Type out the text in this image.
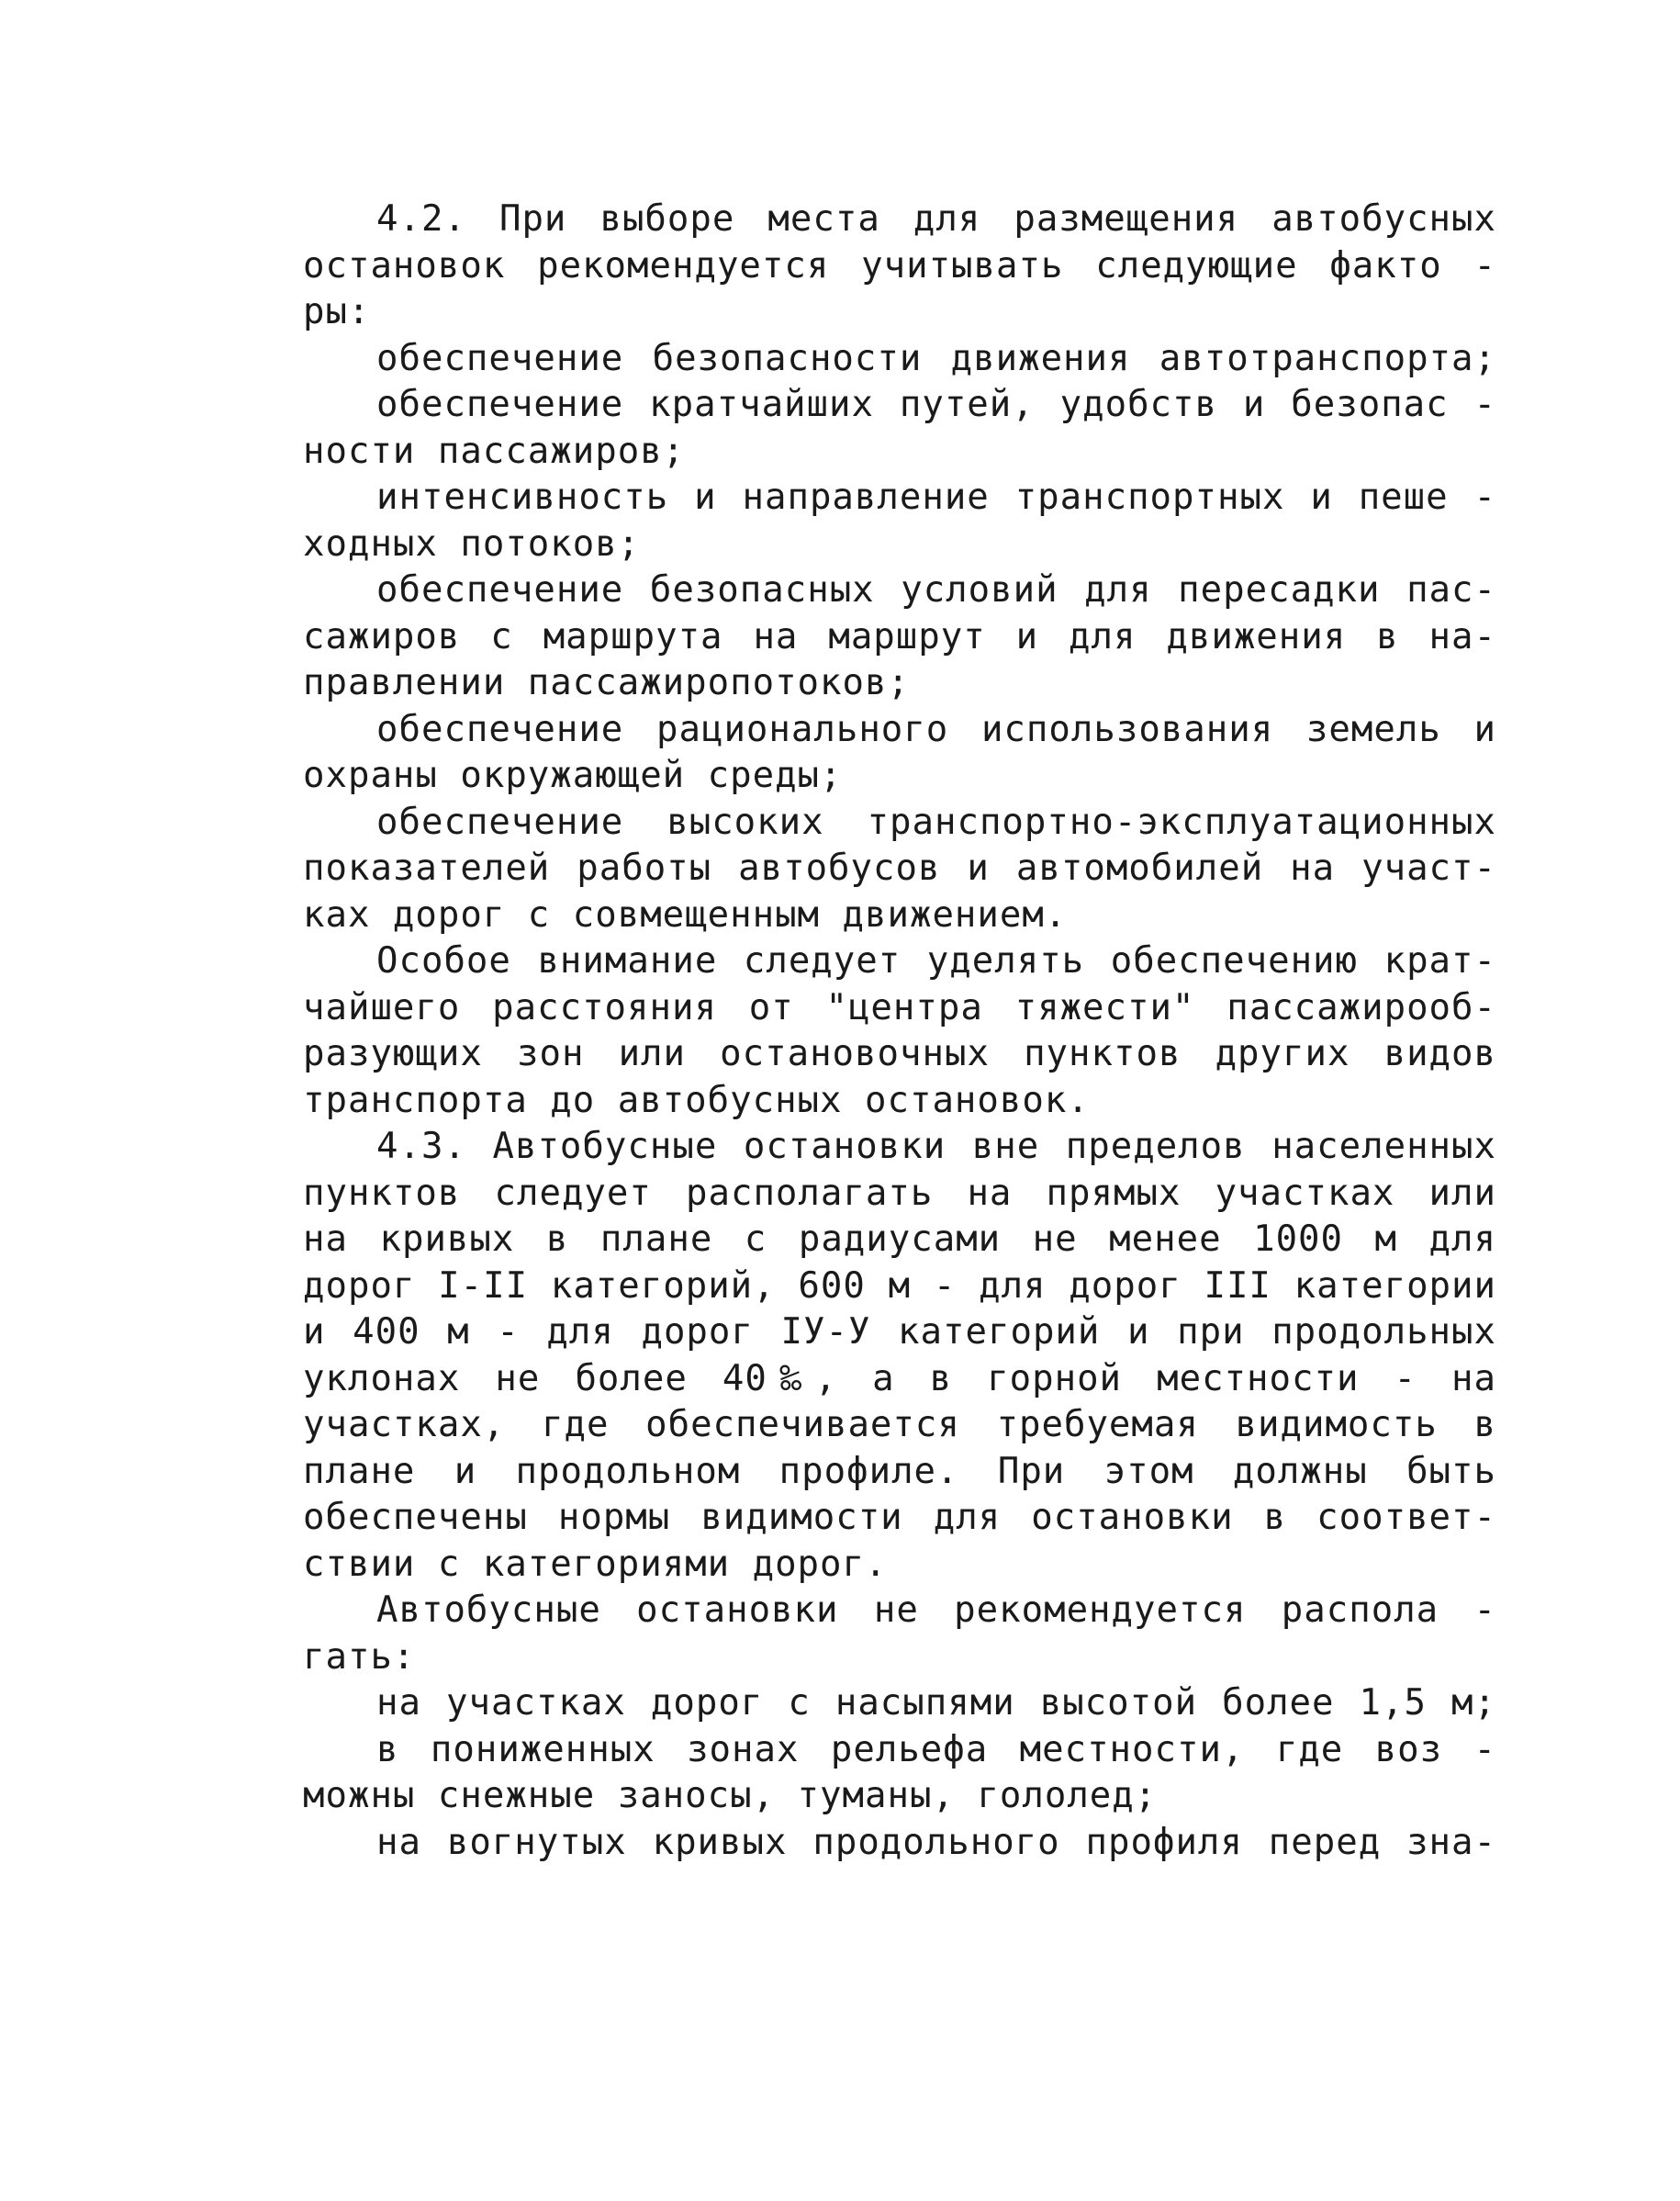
4.2. При выборе места для размещения автобусных
остановок рекомендуется учитывать следующие факто -
ры:
обеспечение безопасности движения автотранспорта;
обеспечение кратчайших путей, удобств и безопас -
ности пассажиров;
интенсивность и направление транспортных и пеше -
ходных потоков;
обеспечение безопасных условий для пересадки пас-
сажиров с маршрута на маршрут и для движения в на-
правлении пассажиропотоков;
обеспечение рационального использования земель и
охраны окружающей среды;
обеспечение высоких транспортно-эксплуатационных
показателей работы автобусов и автомобилей на участ-
ках дорог с совмещенным движением.
Особое внимание следует уделять обеспечению крат-
чайшего расстояния от "центра тяжести" пассажирооб-
разующих зон или остановочных пунктов других видов
транспорта до автобусных остановок.
4.3. Автобусные остановки вне пределов населенных
пунктов следует располагать на прямых участках или
на кривых в плане с радиусами не менее 1000 м для
дорог I-II категорий, 600 м - для дорог III категории
и 400 м - для дорог IУ-У категорий и при продольных
уклонах не более 40‰, а в горной местности - на
участках, где обеспечивается требуемая видимость в
плане и продольном профиле. При этом должны быть
обеспечены нормы видимости для остановки в соответ-
ствии с категориями дорог.
Автобусные остановки не рекомендуется распола -
гать:
на участках дорог с насыпями высотой более 1,5 м;
в пониженных зонах рельефа местности, где воз -
можны снежные заносы, туманы, гололед;
на вогнутых кривых продольного профиля перед зна-
